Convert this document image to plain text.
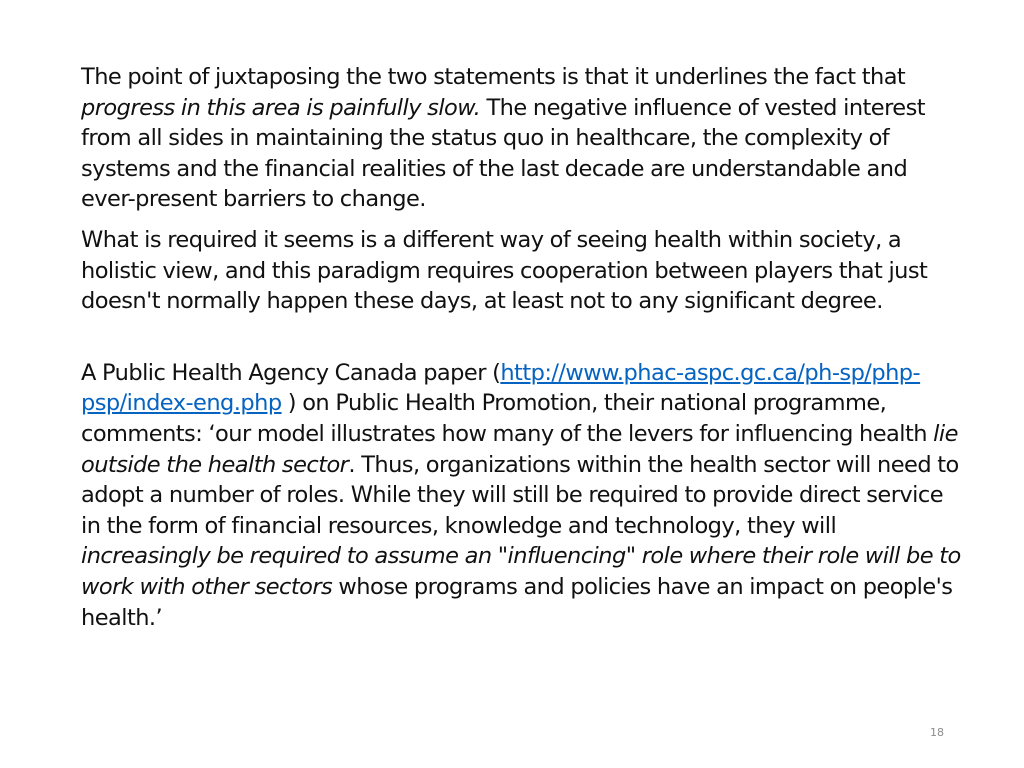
The point of juxtaposing the two statements is that it underlines the fact that progress in this area is painfully slow. The negative influence of vested interest from all sides in maintaining the status quo in healthcare, the complexity of systems and the financial realities of the last decade are understandable and ever-present barriers to change.

What is required it seems is a different way of seeing health within society, a holistic view, and this paradigm requires cooperation between players that just doesn't normally happen these days, at least not to any significant degree.

A Public Health Agency Canada paper (http://www.phac-aspc.gc.ca/ph-sp/php-psp/index-eng.php ) on Public Health Promotion, their national programme, comments: ‘our model illustrates how many of the levers for influencing health lie outside the health sector. Thus, organizations within the health sector will need to adopt a number of roles. While they will still be required to provide direct service in the form of financial resources, knowledge and technology, they will increasingly be required to assume an "influencing" role where their role will be to work with other sectors whose programs and policies have an impact on people's health.’

18
